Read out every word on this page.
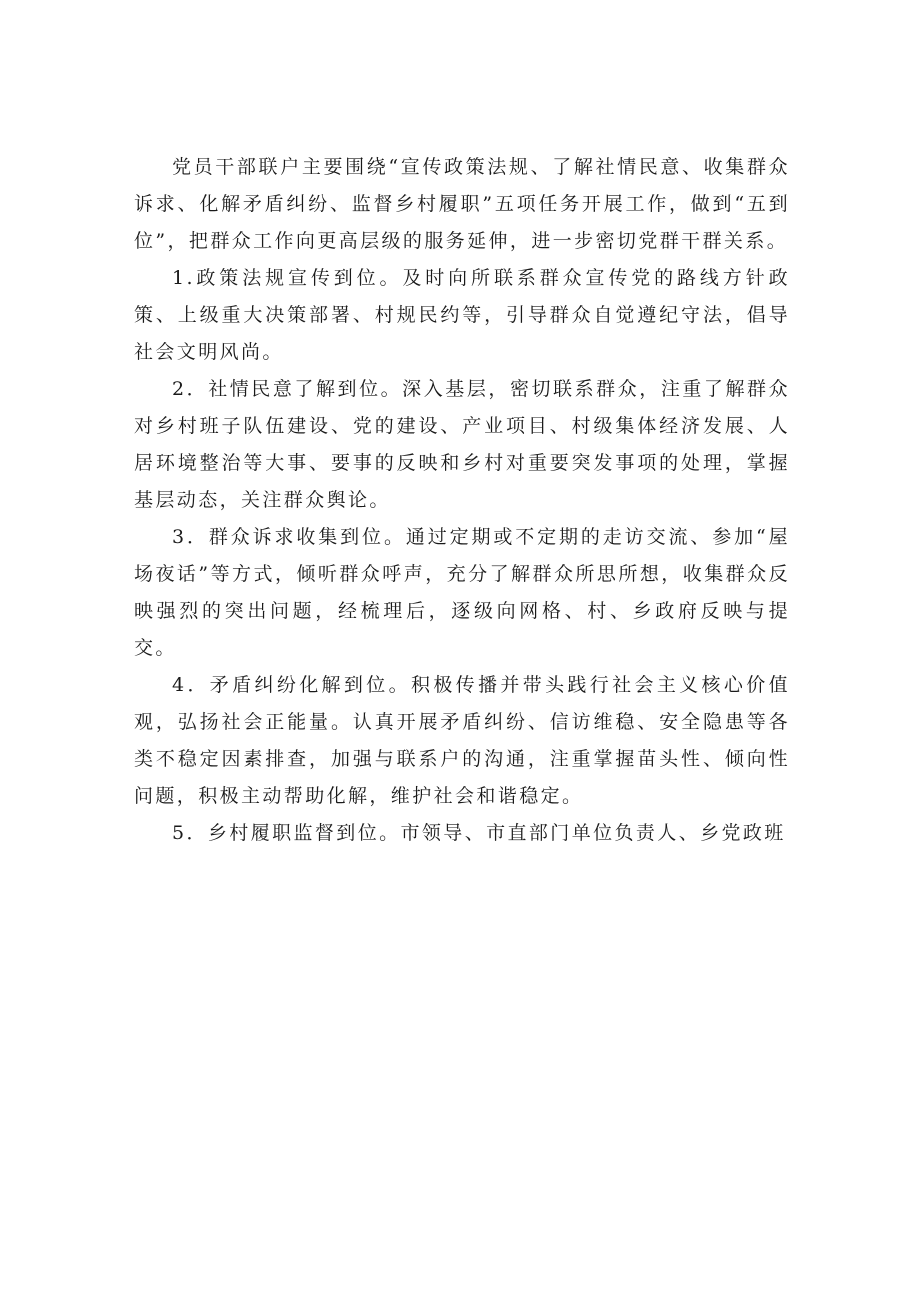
党员干部联户主要围绕“宣传政策法规、了解社情民意、收集群众诉求、化解矛盾纠纷、监督乡村履职”五项任务开展工作，做到“五到位”，把群众工作向更高层级的服务延伸，进一步密切党群干群关系。

1.政策法规宣传到位。及时向所联系群众宣传党的路线方针政策、上级重大决策部署、村规民约等，引导群众自觉遵纪守法，倡导社会文明风尚。

2．社情民意了解到位。深入基层，密切联系群众，注重了解群众对乡村班子队伍建设、党的建设、产业项目、村级集体经济发展、人居环境整治等大事、要事的反映和乡村对重要突发事项的处理，掌握基层动态，关注群众舆论。

3．群众诉求收集到位。通过定期或不定期的走访交流、参加“屋场夜话”等方式，倾听群众呼声，充分了解群众所思所想，收集群众反映强烈的突出问题，经梳理后，逐级向网格、村、乡政府反映与提交。

4．矛盾纠纷化解到位。积极传播并带头践行社会主义核心价值观，弘扬社会正能量。认真开展矛盾纠纷、信访维稳、安全隐患等各类不稳定因素排查，加强与联系户的沟通，注重掌握苗头性、倾向性问题，积极主动帮助化解，维护社会和谐稳定。

5．乡村履职监督到位。市领导、市直部门单位负责人、乡党政班
